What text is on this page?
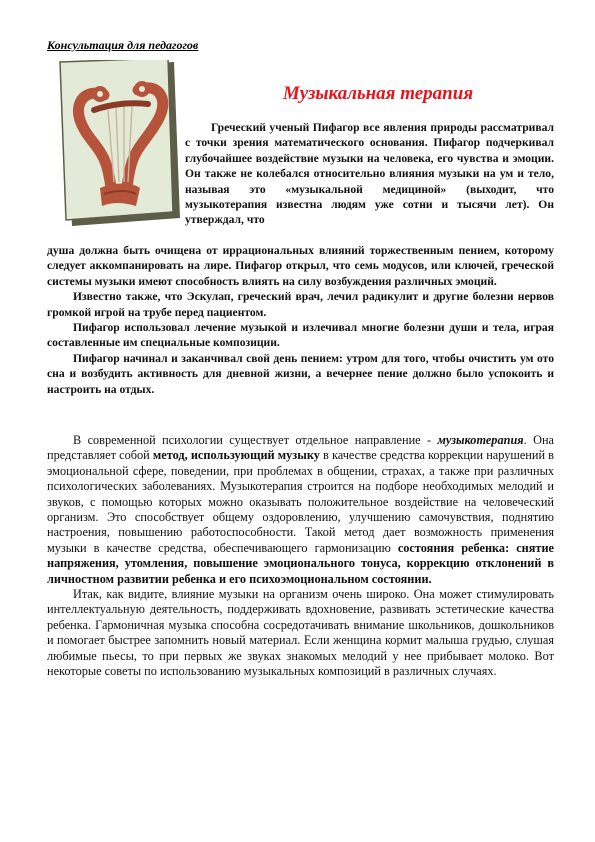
Консультация для педагогов
Музыкальная терапия

Греческий ученый Пифагор все явления природы рассматривал с точки зрения математического основания. Пифагор подчеркивал глубочайшее воздействие музыки на человека, его чувства и эмоции. Он также не колебался относительно влияния музыки на ум и тело, называя это «музыкальной медициной» (выходит, что музыкотерапия известна людям уже сотни и тысячи лет). Он утверждал, что

душа должна быть очищена от иррациональных влияний торжественным пением, которому следует аккомпанировать на лире. Пифагор открыл, что семь модусов, или ключей, греческой системы музыки имеют способность влиять на силу возбуждения различных эмоций.

Известно также, что Эскулап, греческий врач, лечил радикулит и другие болезни нервов громкой игрой на трубе перед пациентом.

Пифагор использовал лечение музыкой и излечивал многие болезни души и тела, играя составленные им специальные композиции.

Пифагор начинал и заканчивал свой день пением: утром для того, чтобы очистить ум ото сна и возбудить активность для дневной жизни, а вечернее пение должно было успокоить и настроить на отдых.

В современной психологии существует отдельное направление - музыкотерапия. Она представляет собой метод, использующий музыку в качестве средства коррекции нарушений в эмоциональной сфере, поведении, при проблемах в общении, страхах, а также при различных психологических заболеваниях. Музыкотерапия строится на подборе необходимых мелодий и звуков, с помощью которых можно оказывать положительное воздействие на человеческий организм. Это способствует общему оздоровлению, улучшению самочувствия, поднятию настроения, повышению работоспособности. Такой метод дает возможность применения музыки в качестве средства, обеспечивающего гармонизацию состояния ребенка: снятие напряжения, утомления, повышение эмоционального тонуса, коррекцию отклонений в личностном развитии ребенка и его психоэмоциональном состоянии.

Итак, как видите, влияние музыки на организм очень широко. Она может стимулировать интеллектуальную деятельность, поддерживать вдохновение, развивать эстетические качества ребенка. Гармоничная музыка способна сосредотачивать внимание школьников, дошкольников и помогает быстрее запомнить новый материал. Если женщина кормит малыша грудью, слушая любимые пьесы, то при первых же звуках знакомых мелодий у нее прибывает молоко. Вот некоторые советы по использованию музыкальных композиций в различных случаях.
